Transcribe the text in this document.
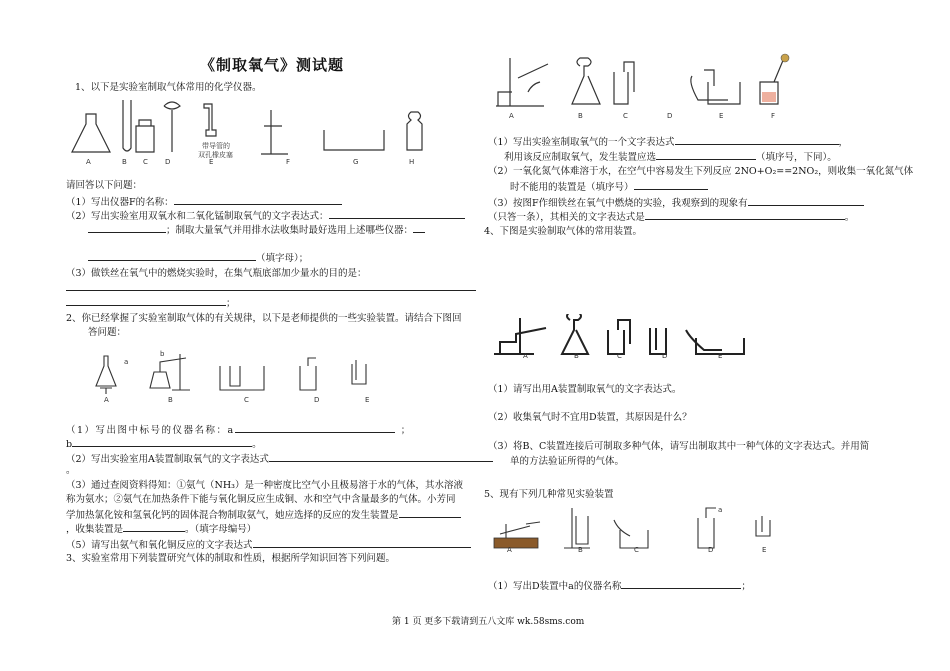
《制取氧气》测试题
1、以下是实验室制取气体常用的化学仪器。
带导管的
双孔橡皮塞
A	B C D	E	F	G	H
请回答以下问题：
（1）写出仪器F的名称：
（2）写出实验室用双氧水和二氧化锰制取氧气的文字表达式：
；制取大量氧气并用排水法收集时最好选用上述哪些仪器：
（填字母）；
（3）做铁丝在氧气中的燃烧实验时，在集气瓶底部加少量水的目的是：
；
2、你已经掌握了实验室制取气体的有关规律，以下是老师提供的一些实验装置。请结合下图回
答问题：
a
b
A	B	C	D	E
（1）写出图中标号的仪器名称：a	；
b	。
（2）写出实验室用A装置制取氧气的文字表达式
。
（3）通过查阅资料得知：①氨气（NH₃）是一种密度比空气小且极易溶于水的气体，其水溶液
称为氨水；②氨气在加热条件下能与氧化铜反应生成铜、水和空气中含量最多的气体。小芳同
学加热氯化铵和氢氧化钙的固体混合物制取氨气，她应选择的反应的发生装置是
，收集装置是	。（填字母编号）
（5）请写出氨气和氧化铜反应的文字表达式
3、实验室常用下列装置研究气体的制取和性质，根据所学知识回答下列问题。
A	B	C	D	E	F
（1）写出实验室制取氧气的一个文字表达式	，
利用该反应制取氧气，发生装置应选	（填序号，下同）。
（2）一氧化氮气体难溶于水，在空气中容易发生下列反应 2NO+O₂==2NO₂，则收集一氧化氮气体
时不能用的装置是（填序号）
（3）按图F作细铁丝在氧气中燃烧的实验，我观察到的现象有
（只答一条），其相关的文字表达式是	。
4、下图是实验制取气体的常用装置。
A	B	C	D	E
（1）请写出用A装置制取氧气的文字表达式。
（2）收集氧气时不宜用D装置，其原因是什么？
（3）将B、C装置连接后可制取多种气体，请写出制取其中一种气体的文字表达式。并用简
单的方法验证所得的气体。
5、现有下列几种常见实验装置
a
A	B	C	D	E
（1）写出D装置中a的仪器名称	；
第 1 页 更多下载请到五八文库 wk.58sms.com
